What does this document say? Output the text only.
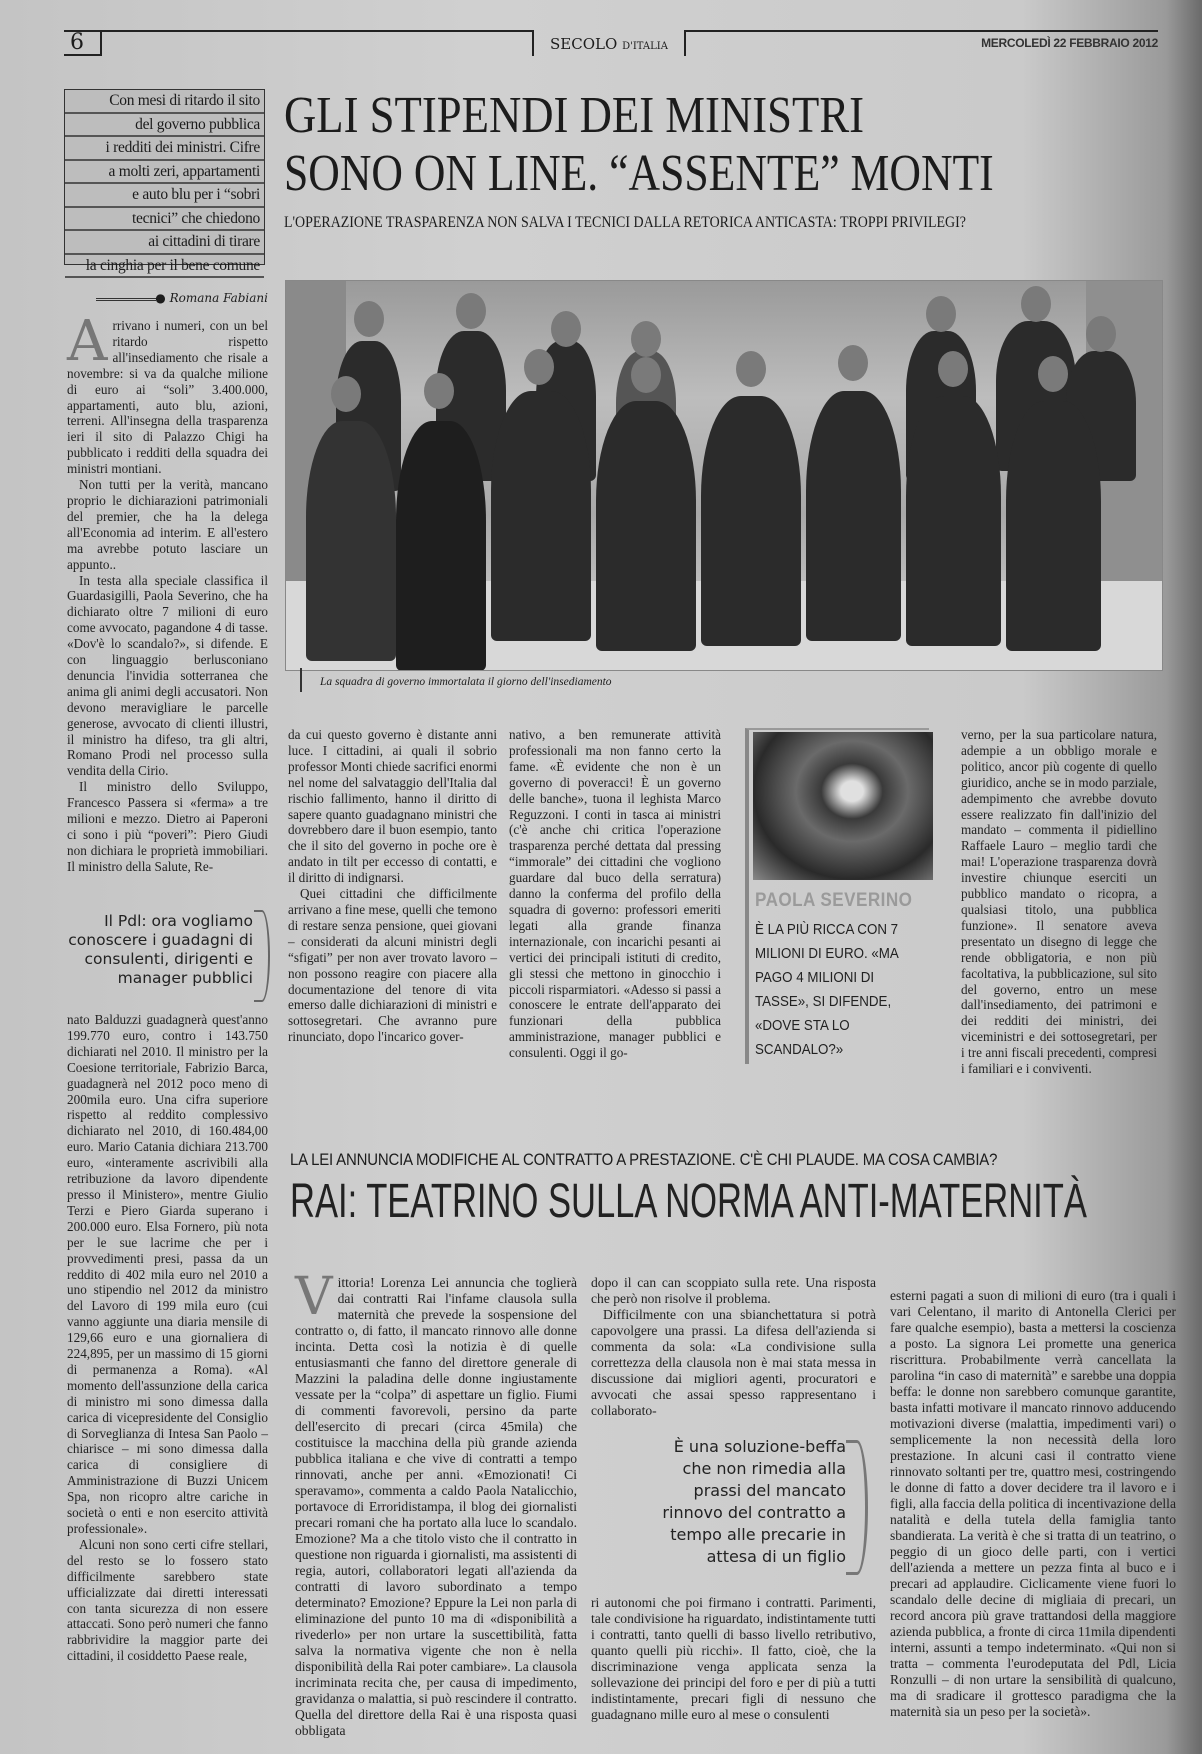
6	SECOLO D'ITALIA	MERCOLEDÌ 22 FEBBRAIO 2012
Con mesi di ritardo il sito
del governo pubblica
i redditi dei ministri. Cifre
a molti zeri, appartamenti
e auto blu per i “sobri
tecnici” che chiedono
ai cittadini di tirare
la cinghia per il bene comune
GLI STIPENDI DEI MINISTRI
SONO ON LINE. “ASSENTE” MONTI
L'OPERAZIONE TRASPARENZA NON SALVA I TECNICI DALLA RETORICA ANTICASTA: TROPPI PRIVILEGI?
● Romana Fabiani

Arrivano i numeri, con un bel ritardo rispetto all'insediamento che risale a novembre: si va da qualche milione di euro ai “soli” 3.400.000, appartamenti, auto blu, azioni, terreni. All'insegna della trasparenza ieri il sito di Palazzo Chigi ha pubblicato i redditi della squadra dei ministri montiani.

Non tutti per la verità, mancano proprio le dichiarazioni patrimoniali del premier, che ha la delega all'Economia ad interim. E all'estero ma avrebbe potuto lasciare un appunto..

In testa alla speciale classifica il Guardasigilli, Paola Severino, che ha dichiarato oltre 7 milioni di euro come avvocato, pagandone 4 di tasse. «Dov'è lo scandalo?», si difende. E con linguaggio berlusconiano denuncia l'invidia sotterranea che anima gli animi degli accusatori. Non devono meravigliare le parcelle generose, avvocato di clienti illustri, il ministro ha difeso, tra gli altri, Romano Prodi nel processo sulla vendita della Cirio.

Il ministro dello Sviluppo, Francesco Passera si «ferma» a tre milioni e mezzo. Dietro ai Paperoni ci sono i più “poveri”: Piero Giudi non dichiara le proprietà immobiliari. Il ministro della Salute, Re-

Il Pdl: ora vogliamo conoscere i guadagni di consulenti, dirigenti e manager pubblici

nato Balduzzi guadagnerà quest'anno 199.770 euro, contro i 143.750 dichiarati nel 2010. Il ministro per la Coesione territoriale, Fabrizio Barca, guadagnerà nel 2012 poco meno di 200mila euro. Una cifra superiore rispetto al reddito complessivo dichiarato nel 2010, di 160.484,00 euro. Mario Catania dichiara 213.700 euro, «interamente ascrivibili alla retribuzione da lavoro dipendente presso il Ministero», mentre Giulio Terzi e Piero Giarda superano i 200.000 euro. Elsa Fornero, più nota per le sue lacrime che per i provvedimenti presi, passa da un reddito di 402 mila euro nel 2010 a uno stipendio nel 2012 da ministro del Lavoro di 199 mila euro (cui vanno aggiunte una diaria mensile di 129,66 euro e una giornaliera di 224,895, per un massimo di 15 giorni di permanenza a Roma). «Al momento dell'assunzione della carica di ministro mi sono dimessa dalla carica di vicepresidente del Consiglio di Sorveglianza di Intesa San Paolo – chiarisce – mi sono dimessa dalla carica di consigliere di Amministrazione di Buzzi Unicem Spa, non ricopro altre cariche in società o enti e non esercito attività professionale».

Alcuni non sono certi cifre stellari, del resto se lo fossero stato difficilmente sarebbero state ufficializzate dai diretti interessati con tanta sicurezza di non essere attaccati. Sono però numeri che fanno rabbrividire la maggior parte dei cittadini, il cosiddetto Paese reale,

La squadra di governo immortalata il giorno dell'insediamento

da cui questo governo è distante anni luce. I cittadini, ai quali il sobrio professor Monti chiede sacrifici enormi nel nome del salvataggio dell'Italia dal rischio fallimento, hanno il diritto di sapere quanto guadagnano ministri che dovrebbero dare il buon esempio, tanto che il sito del governo in poche ore è andato in tilt per eccesso di contatti, e il diritto di indignarsi.

Quei cittadini che difficilmente arrivano a fine mese, quelli che temono di restare senza pensione, quei giovani – considerati da alcuni ministri degli “sfigati” per non aver trovato lavoro – non possono reagire con piacere alla documentazione del tenore di vita emerso dalle dichiarazioni di ministri e sottosegretari. Che avranno pure rinunciato, dopo l'incarico gover-

nativo, a ben remunerate attività professionali ma non fanno certo la fame. «È evidente che non è un governo di poveracci! È un governo delle banche», tuona il leghista Marco Reguzzoni. I conti in tasca ai ministri (c'è anche chi critica l'operazione trasparenza perché dettata dal pressing “immorale” dei cittadini che vogliono guardare dal buco della serratura) danno la conferma del profilo della squadra di governo: professori emeriti legati alla grande finanza internazionale, con incarichi pesanti ai vertici dei principali istituti di credito, gli stessi che mettono in ginocchio i piccoli risparmiatori. «Adesso si passi a conoscere le entrate dell'apparato dei funzionari della pubblica amministrazione, manager pubblici e consulenti. Oggi il go-

PAOLA SEVERINO
È LA PIÙ RICCA CON 7 MILIONI DI EURO. «MA PAGO 4 MILIONI DI TASSE», SI DIFENDE, «DOVE STA LO SCANDALO?»

verno, per la sua particolare natura, adempie a un obbligo morale e politico, ancor più cogente di quello giuridico, anche se in modo parziale, adempimento che avrebbe dovuto essere realizzato fin dall'inizio del mandato – commenta il pidiellino Raffaele Lauro – meglio tardi che mai! L'operazione trasparenza dovrà investire chiunque eserciti un pubblico mandato o ricopra, a qualsiasi titolo, una pubblica funzione». Il senatore aveva presentato un disegno di legge che rende obbligatoria, e non più facoltativa, la pubblicazione, sul sito del governo, entro un mese dall'insediamento, dei patrimoni e dei redditi dei ministri, dei viceministri e dei sottosegretari, per i tre anni fiscali precedenti, compresi i familiari e i conviventi.

LA LEI ANNUNCIA MODIFICHE AL CONTRATTO A PRESTAZIONE. C'È CHI PLAUDE. MA COSA CAMBIA?
RAI: TEATRINO SULLA NORMA ANTI-MATERNITÀ

Vittoria! Lorenza Lei annuncia che toglierà dai contratti Rai l'infame clausola sulla maternità che prevede la sospensione del contratto o, di fatto, il mancato rinnovo alle donne incinta. Detta così la notizia è di quelle entusiasmanti che fanno del direttore generale di Mazzini la paladina delle donne ingiustamente vessate per la “colpa” di aspettare un figlio. Fiumi di commenti favorevoli, persino da parte dell'esercito di precari (circa 45mila) che costituisce la macchina della più grande azienda pubblica italiana e che vive di contratti a tempo rinnovati, anche per anni. «Emozionati! Ci speravamo», commenta a caldo Paola Natalicchio, portavoce di Erroridistampa, il blog dei giornalisti precari romani che ha portato alla luce lo scandalo. Emozione? Ma a che titolo visto che il contratto in questione non riguarda i giornalisti, ma assistenti di regia, autori, collaboratori legati all'azienda da contratti di lavoro subordinato a tempo determinato? Emozione? Eppure la Lei non parla di eliminazione del punto 10 ma di «disponibilità a rivederlo» per non urtare la suscettibilità, fatta salva la normativa vigente che non è nella disponibilità della Rai poter cambiare». La clausola incriminata recita che, per causa di impedimento, gravidanza o malattia, si può rescindere il contratto. Quella del direttore della Rai è una risposta quasi obbligata

dopo il can can scoppiato sulla rete. Una risposta che però non risolve il problema.

Difficilmente con una sbianchettatura si potrà capovolgere una prassi. La difesa dell'azienda si commenta da sola: «La condivisione sulla correttezza della clausola non è mai stata messa in discussione dai migliori agenti, procuratori e avvocati che assai spesso rappresentano i collaborato-

È una soluzione-beffa che non rimedia alla prassi del mancato rinnovo del contratto a tempo alle precarie in attesa di un figlio

ri autonomi che poi firmano i contratti. Parimenti, tale condivisione ha riguardato, indistintamente tutti i contratti, tanto quelli di basso livello retributivo, quanto quelli più ricchi». Il fatto, cioè, che la discriminazione venga applicata senza la sollevazione dei principi del foro e per di più a tutti indistintamente, precari figli di nessuno che guadagnano mille euro al mese o consulenti

esterni pagati a suon di milioni di euro (tra i quali i vari Celentano, il marito di Antonella Clerici per fare qualche esempio), basta a mettersi la coscienza a posto. La signora Lei promette una generica riscrittura. Probabilmente verrà cancellata la parolina “in caso di maternità” e sarebbe una doppia beffa: le donne non sarebbero comunque garantite, basta infatti motivare il mancato rinnovo adducendo motivazioni diverse (malattia, impedimenti vari) o semplicemente la non necessità della loro prestazione. In alcuni casi il contratto viene rinnovato soltanti per tre, quattro mesi, costringendo le donne di fatto a dover decidere tra il lavoro e i figli, alla faccia della politica di incentivazione della natalità e della tutela della famiglia tanto sbandierata. La verità è che si tratta di un teatrino, o peggio di un gioco delle parti, con i vertici dell'azienda a mettere un pezza finta al buco e i precari ad applaudire. Ciclicamente viene fuori lo scandalo delle decine di migliaia di precari, un record ancora più grave trattandosi della maggiore azienda pubblica, a fronte di circa 11mila dipendenti interni, assunti a tempo indeterminato. «Qui non si tratta – commenta l'eurodeputata del Pdl, Licia Ronzulli – di non urtare la sensibilità di qualcuno, ma di sradicare il grottesco paradigma che la maternità sia un peso per la società».
